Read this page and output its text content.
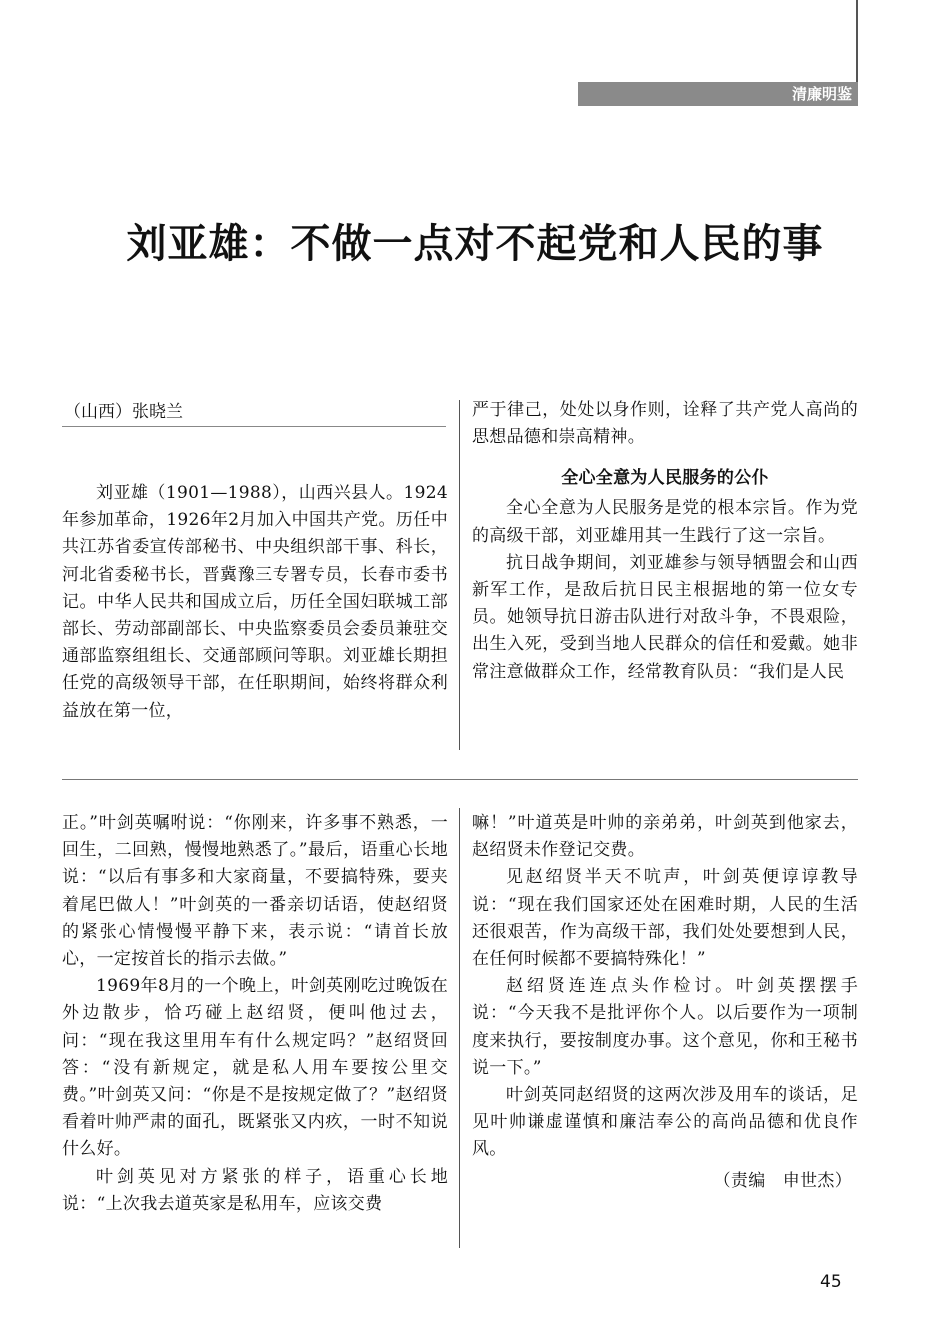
清廉明鉴
刘亚雄：不做一点对不起党和人民的事
（山西）张晓兰

刘亚雄（1901—1988），山西兴县人。1924年参加革命，1926年2月加入中国共产党。历任中共江苏省委宣传部秘书、中央组织部干事、科长，河北省委秘书长，晋冀豫三专署专员，长春市委书记。中华人民共和国成立后，历任全国妇联城工部部长、劳动部副部长、中央监察委员会委员兼驻交通部监察组组长、交通部顾问等职。刘亚雄长期担任党的高级领导干部，在任职期间，始终将群众利益放在第一位，

严于律己，处处以身作则，诠释了共产党人高尚的思想品德和崇高精神。

全心全意为人民服务的公仆

全心全意为人民服务是党的根本宗旨。作为党的高级干部，刘亚雄用其一生践行了这一宗旨。

抗日战争期间，刘亚雄参与领导牺盟会和山西新军工作，是敌后抗日民主根据地的第一位女专员。她领导抗日游击队进行对敌斗争，不畏艰险，出生入死，受到当地人民群众的信任和爱戴。她非常注意做群众工作，经常教育队员：“我们是人民

正。”叶剑英嘱咐说：“你刚来，许多事不熟悉，一回生，二回熟，慢慢地熟悉了。”最后，语重心长地说：“以后有事多和大家商量，不要搞特殊，要夹着尾巴做人！”叶剑英的一番亲切话语，使赵绍贤的紧张心情慢慢平静下来，表示说：“请首长放心，一定按首长的指示去做。”

1969年8月的一个晚上，叶剑英刚吃过晚饭在外边散步，恰巧碰上赵绍贤，便叫他过去，问：“现在我这里用车有什么规定吗？”赵绍贤回答：“没有新规定，就是私人用车要按公里交费。”叶剑英又问：“你是不是按规定做了？”赵绍贤看着叶帅严肃的面孔，既紧张又内疚，一时不知说什么好。

叶剑英见对方紧张的样子，语重心长地说：“上次我去道英家是私用车，应该交费

嘛！”叶道英是叶帅的亲弟弟，叶剑英到他家去，赵绍贤未作登记交费。

见赵绍贤半天不吭声，叶剑英便谆谆教导说：“现在我们国家还处在困难时期，人民的生活还很艰苦，作为高级干部，我们处处要想到人民，在任何时候都不要搞特殊化！”

赵绍贤连连点头作检讨。叶剑英摆摆手说：“今天我不是批评你个人。以后要作为一项制度来执行，要按制度办事。这个意见，你和王秘书说一下。”

叶剑英同赵绍贤的这两次涉及用车的谈话，足见叶帅谦虚谨慎和廉洁奉公的高尚品德和优良作风。

（责编　申世杰）

45
